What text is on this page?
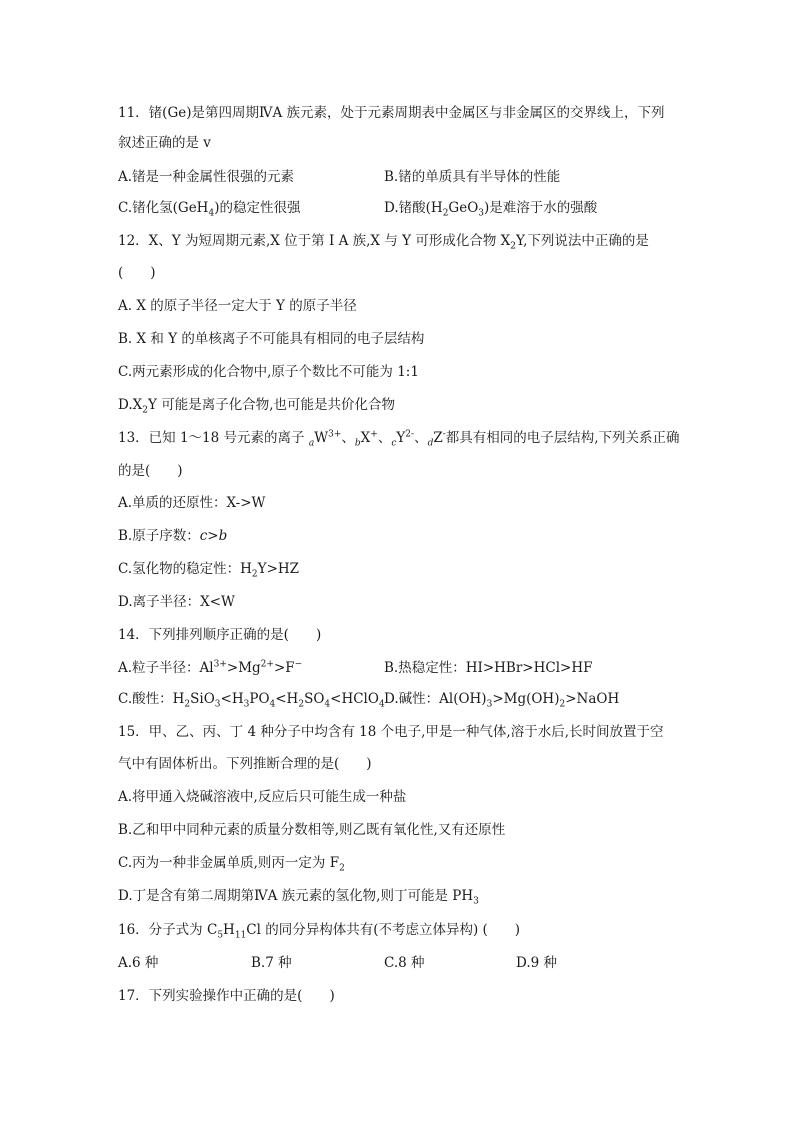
11．锗(Ge)是第四周期ⅣA 族元素，处于元素周期表中金属区与非金属区的交界线上，下列
叙述正确的是 v
A.锗是一种金属性很强的元素	B.锗的单质具有半导体的性能
C.锗化氢(GeH$_4$)的稳定性很强	D.锗酸$(H_2GeO_3)$是难溶于水的强酸
12．X、Y 为短周期元素,X 位于第 I A 族,X 与 Y 可形成化合物 $X_2Y$,下列说法中正确的是
(　　)
A. X 的原子半径一定大于 Y 的原子半径
B. X 和 Y 的单核离子不可能具有相同的电子层结构
C.两元素形成的化合物中,原子个数比不可能为 1:1
$D.X_2Y$ 可能是离子化合物,也可能是共价化合物
13．已知 1～18 号元素的离子 $_aW^{3+}$、$_b$X+、$_cY^{2-}$、$_d$Z-都具有相同的电子层结构,下列关系正确
的是(　　)
A.单质的还原性：X->W
B.原子序数：c>b
C.氢化物的稳定性：$H_2Y>HZ$
D.离子半径：X<W
14．下列排列顺序正确的是(　　)
A.粒子半径：$Al^{3+}>Mg^{2+}>F^-$	B.热稳定性：HI>HBr>HCl>HF
C.酸性：$H_2SiO_3<H_3PO_4<H_2SO_4<HClO_4$ D.碱性：$Al(OH)_3>Mg(OH)_2>NaOH$
15．甲、乙、丙、丁 4 种分子中均含有 18 个电子,甲是一种气体,溶于水后,长时间放置于空
气中有固体析出。下列推断合理的是(　　)
A.将甲通入烧碱溶液中,反应后只可能生成一种盐
B.乙和甲中同种元素的质量分数相等,则乙既有氧化性,又有还原性
C.丙为一种非金属单质,则丙一定为 $F_2$
D.丁是含有第二周期第ⅣA 族元素的氢化物,则丁可能是 $PH_3$
16．分子式为 $C_5H_{11}Cl$ 的同分异构体共有(不考虑立体异构) (　　)
A.6 种	B.7 种	C.8 种	D.9 种
17．下列实验操作中正确的是(　　)
